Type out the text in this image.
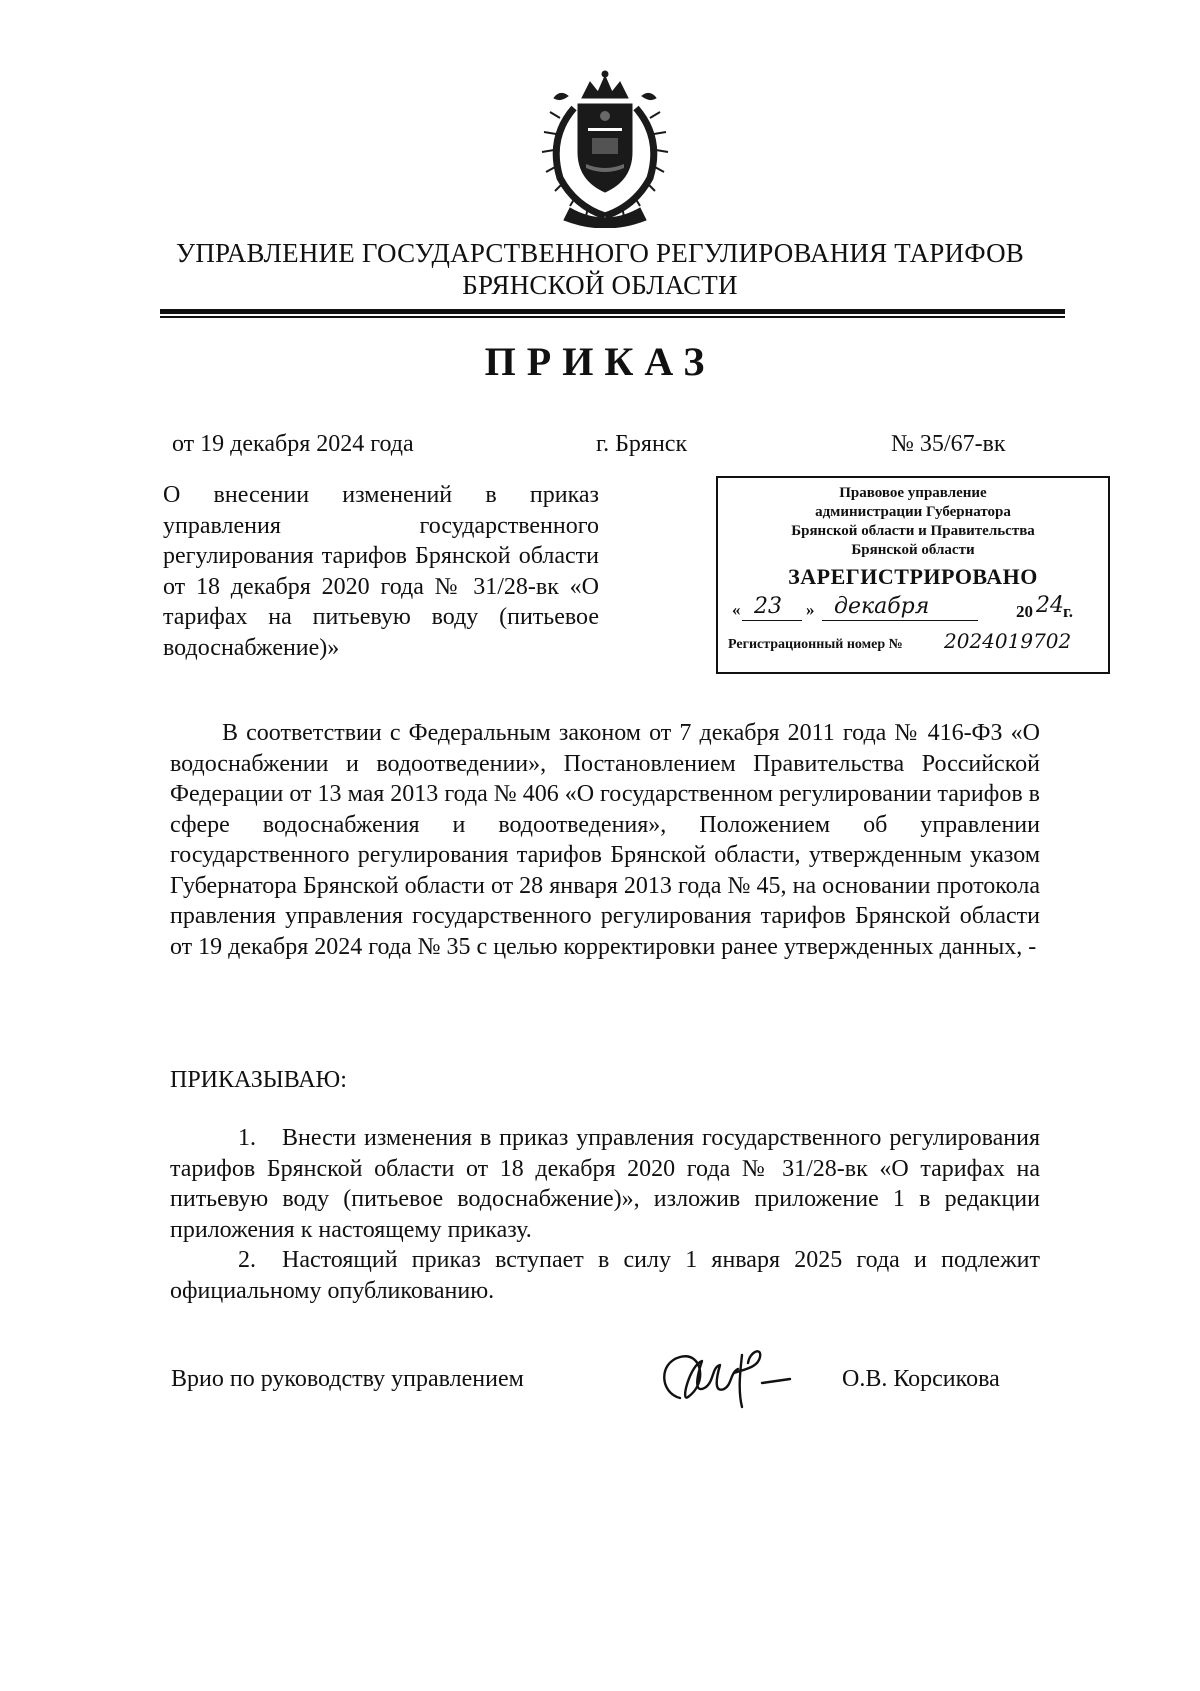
УПРАВЛЕНИЕ ГОСУДАРСТВЕННОГО РЕГУЛИРОВАНИЯ ТАРИФОВ
БРЯНСКОЙ ОБЛАСТИ
ПРИКАЗ
от 19 декабря 2024 года	г. Брянск	№ 35/67-вк
О внесении изменений в приказ управления государственного регулирования тарифов Брянской области от 18 декабря 2020 года № 31/28-вк «О тарифах на питьевую воду (питьевое водоснабжение)»
Правовое управление
администрации Губернатора
Брянской области и Правительства
Брянской области
ЗАРЕГИСТРИРОВАНО
« 23 » декабря	20 24 г.
Регистрационный номер № 2024019702
В соответствии с Федеральным законом от 7 декабря 2011 года № 416-ФЗ «О водоснабжении и водоотведении», Постановлением Правительства Российской Федерации от 13 мая 2013 года № 406 «О государственном регулировании тарифов в сфере водоснабжения и водоотведения», Положением об управлении государственного регулирования тарифов Брянской области, утвержденным указом Губернатора Брянской области от 28 января 2013 года № 45, на основании протокола правления управления государственного регулирования тарифов Брянской области от 19 декабря 2024 года № 35 с целью корректировки ранее утвержденных данных, -
ПРИКАЗЫВАЮ:
1. Внести изменения в приказ управления государственного регулирования тарифов Брянской области от 18 декабря 2020 года № 31/28-вк «О тарифах на питьевую воду (питьевое водоснабжение)», изложив приложение 1 в редакции приложения к настоящему приказу.
2. Настоящий приказ вступает в силу 1 января 2025 года и подлежит официальному опубликованию.
Врио по руководству управлением	О.В. Корсикова
